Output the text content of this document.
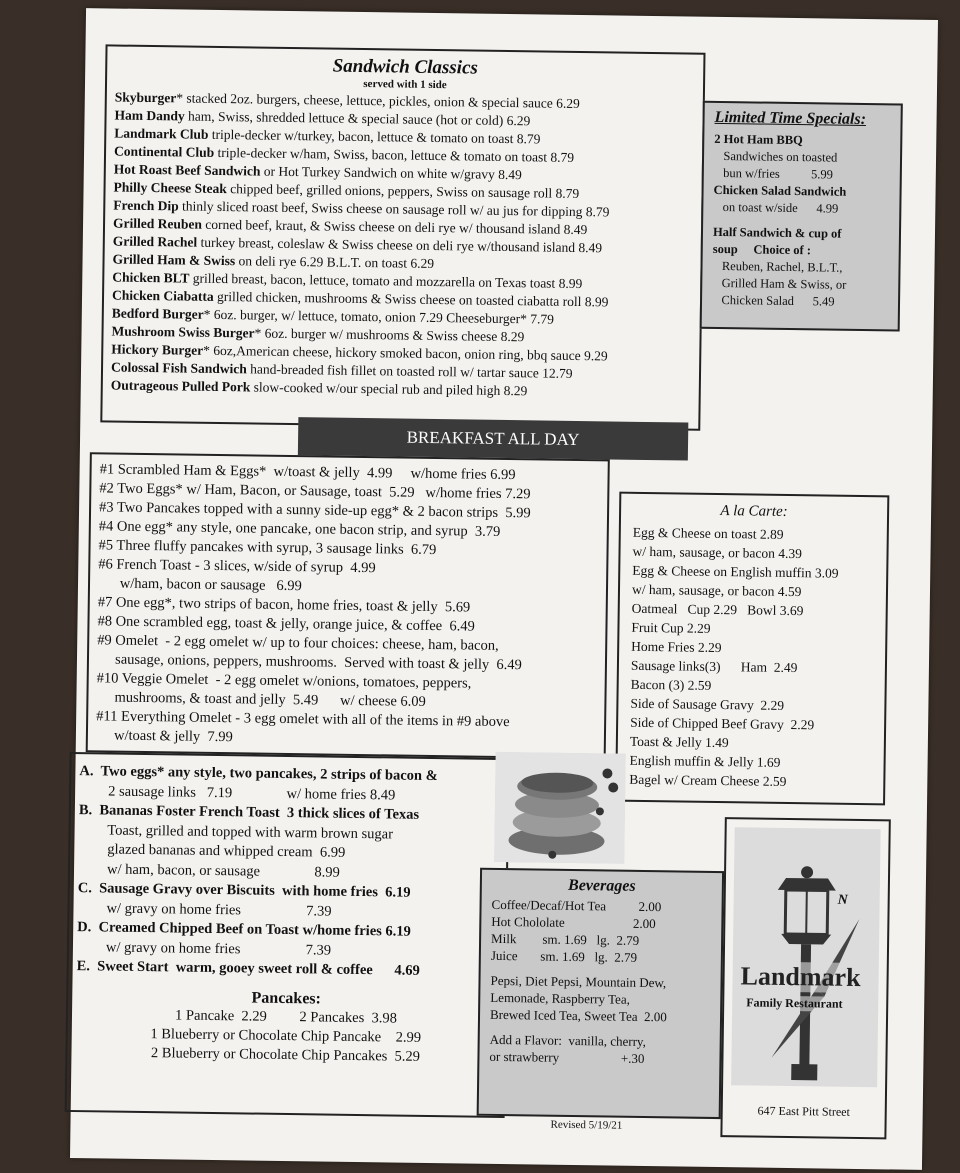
Sandwich Classics
served with 1 side
Skyburger* stacked 2oz. burgers, cheese, lettuce, pickles, onion & special sauce 6.29
Ham Dandy ham, Swiss, shredded lettuce & special sauce (hot or cold) 6.29
Landmark Club triple-decker w/turkey, bacon, lettuce & tomato on toast 8.79
Continental Club triple-decker w/ham, Swiss, bacon, lettuce & tomato on toast 8.79
Hot Roast Beef Sandwich or Hot Turkey Sandwich on white w/gravy 8.49
Philly Cheese Steak chipped beef, grilled onions, peppers, Swiss on sausage roll 8.79
French Dip thinly sliced roast beef, Swiss cheese on sausage roll w/ au jus for dipping 8.79
Grilled Reuben corned beef, kraut, & Swiss cheese on deli rye w/ thousand island 8.49
Grilled Rachel turkey breast, coleslaw & Swiss cheese on deli rye w/thousand island 8.49
Grilled Ham & Swiss on deli rye 6.29 B.L.T. on toast 6.29
Chicken BLT grilled breast, bacon, lettuce, tomato and mozzarella on Texas toast 8.99
Chicken Ciabatta grilled chicken, mushrooms & Swiss cheese on toasted ciabatta roll 8.99
Bedford Burger* 6oz. burger, w/ lettuce, tomato, onion 7.29 Cheeseburger* 7.79
Mushroom Swiss Burger* 6oz. burger w/ mushrooms & Swiss cheese 8.29
Hickory Burger* 6oz,American cheese, hickory smoked bacon, onion ring, bbq sauce 9.29
Colossal Fish Sandwich hand-breaded fish fillet on toasted roll w/ tartar sauce 12.79
Outrageous Pulled Pork slow-cooked w/our special rub and piled high 8.29
Limited Time Specials:
2 Hot Ham BBQ
Sandwiches on toasted
bun w/fries          5.99
Chicken Salad Sandwich
on toast w/side      4.99
Half Sandwich & cup of
soup     Choice of :
Reuben, Rachel, B.L.T.,
Grilled Ham & Swiss, or
Chicken Salad      5.49
BREAKFAST ALL DAY
#1 Scrambled Ham & Eggs*  w/toast & jelly  4.99     w/home fries 6.99
#2 Two Eggs* w/ Ham, Bacon, or Sausage, toast  5.29   w/home fries 7.29
#3 Two Pancakes topped with a sunny side-up egg* & 2 bacon strips  5.99
#4 One egg* any style, one pancake, one bacon strip, and syrup  3.79
#5 Three fluffy pancakes with syrup, 3 sausage links  6.79
#6 French Toast - 3 slices, w/side of syrup  4.99
w/ham, bacon or sausage   6.99
#7 One egg*, two strips of bacon, home fries, toast & jelly  5.69
#8 One scrambled egg, toast & jelly, orange juice, & coffee  6.49
#9 Omelet  - 2 egg omelet w/ up to four choices: cheese, ham, bacon,
sausage, onions, peppers, mushrooms.  Served with toast & jelly  6.49
#10 Veggie Omelet  - 2 egg omelet w/onions, tomatoes, peppers,
mushrooms, & toast and jelly  5.49      w/ cheese 6.09
#11 Everything Omelet - 3 egg omelet with all of the items in #9 above
w/toast & jelly  7.99
A la Carte:
Egg & Cheese on toast 2.89
w/ ham, sausage, or bacon 4.39
Egg & Cheese on English muffin 3.09
w/ ham, sausage, or bacon 4.59
Oatmeal   Cup 2.29   Bowl 3.69
Fruit Cup 2.29
Home Fries 2.29
Sausage links(3)      Ham  2.49
Bacon (3) 2.59
Side of Sausage Gravy  2.29
Side of Chipped Beef Gravy  2.29
Toast & Jelly 1.49
English muffin & Jelly 1.69
Bagel w/ Cream Cheese 2.59
A.  Two eggs* any style, two pancakes, 2 strips of bacon &
2 sausage links   7.19               w/ home fries 8.49
B.  Bananas Foster French Toast  3 thick slices of Texas
Toast, grilled and topped with warm brown sugar
glazed bananas and whipped cream  6.99
w/ ham, bacon, or sausage               8.99
C.  Sausage Gravy over Biscuits  with home fries  6.19
w/ gravy on home fries                  7.39
D.  Creamed Chipped Beef on Toast w/home fries 6.19
w/ gravy on home fries                  7.39
E.  Sweet Start  warm, gooey sweet roll & coffee      4.69
Pancakes:
1 Pancake  2.29         2 Pancakes  3.98
1 Blueberry or Chocolate Chip Pancake    2.99
2 Blueberry or Chocolate Chip Pancakes  5.29
Beverages
Coffee/Decaf/Hot Tea          2.00
Hot Chololate                     2.00
Milk        sm. 1.69   lg.  2.79
Juice       sm. 1.69   lg.  2.79
Pepsi, Diet Pepsi, Mountain Dew,
Lemonade, Raspberry Tea,
Brewed Iced Tea, Sweet Tea  2.00
Add a Flavor:  vanilla, cherry,
or strawberry                   +.30
N
Landmark
Family Restaurant
647 East Pitt Street
Revised 5/19/21
